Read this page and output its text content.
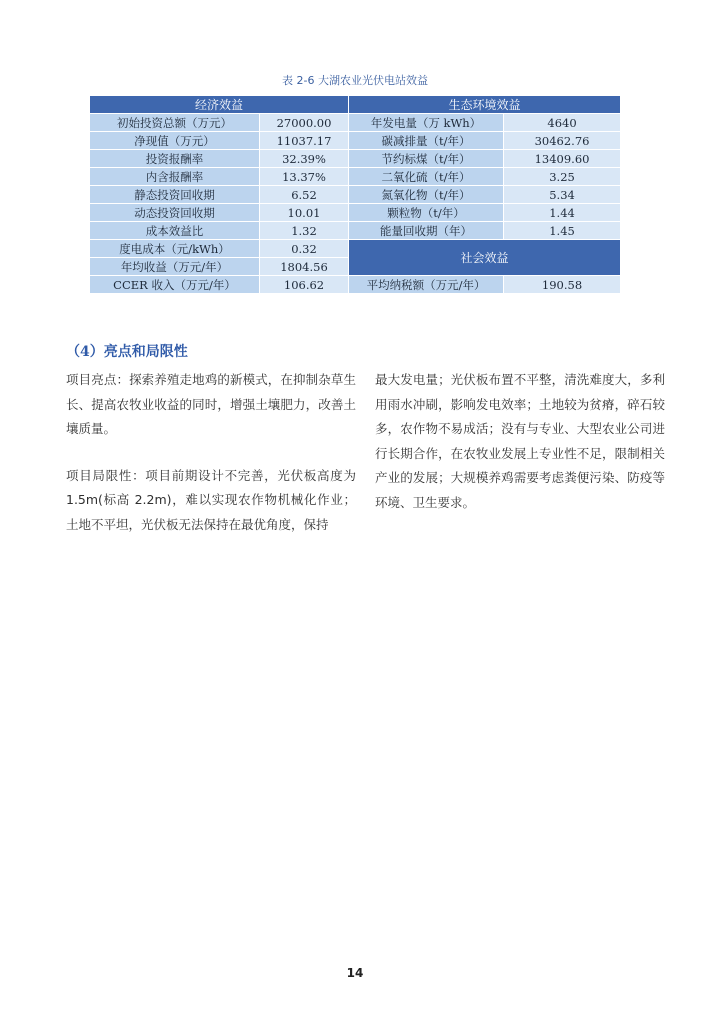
表 2-6 大湖农业光伏电站效益
经济效益		生态环境效益	
初始投资总额（万元）	27000.00	年发电量（万 kWh）	4640
净现值（万元）	11037.17	碳减排量（t/年）	30462.76
投资报酬率	32.39%	节约标煤（t/年）	13409.60
内含报酬率	13.37%	二氧化硫（t/年）	3.25
静态投资回收期	6.52	氮氧化物（t/年）	5.34
动态投资回收期	10.01	颗粒物（t/年）	1.44
成本效益比	1.32	能量回收期（年）	1.45
度电成本（元/kWh）	0.32	社会效益	
年均收益（万元/年）	1804.56		
CCER 收入（万元/年）	106.62	平均纳税额（万元/年）	190.58
（4）亮点和局限性

项目亮点：探索养殖走地鸡的新模式，在抑制杂草生长、提高农牧业收益的同时，增强土壤肥力，改善土壤质量。

项目局限性：项目前期设计不完善，光伏板高度为1.5m(标高 2.2m)，难以实现农作物机械化作业；土地不平坦，光伏板无法保持在最优角度，保持

最大发电量；光伏板布置不平整，清洗难度大，多利用雨水冲刷，影响发电效率；土地较为贫瘠，碎石较多，农作物不易成活；没有与专业、大型农业公司进行长期合作，在农牧业发展上专业性不足，限制相关产业的发展；大规模养鸡需要考虑粪便污染、防疫等环境、卫生要求。

14
